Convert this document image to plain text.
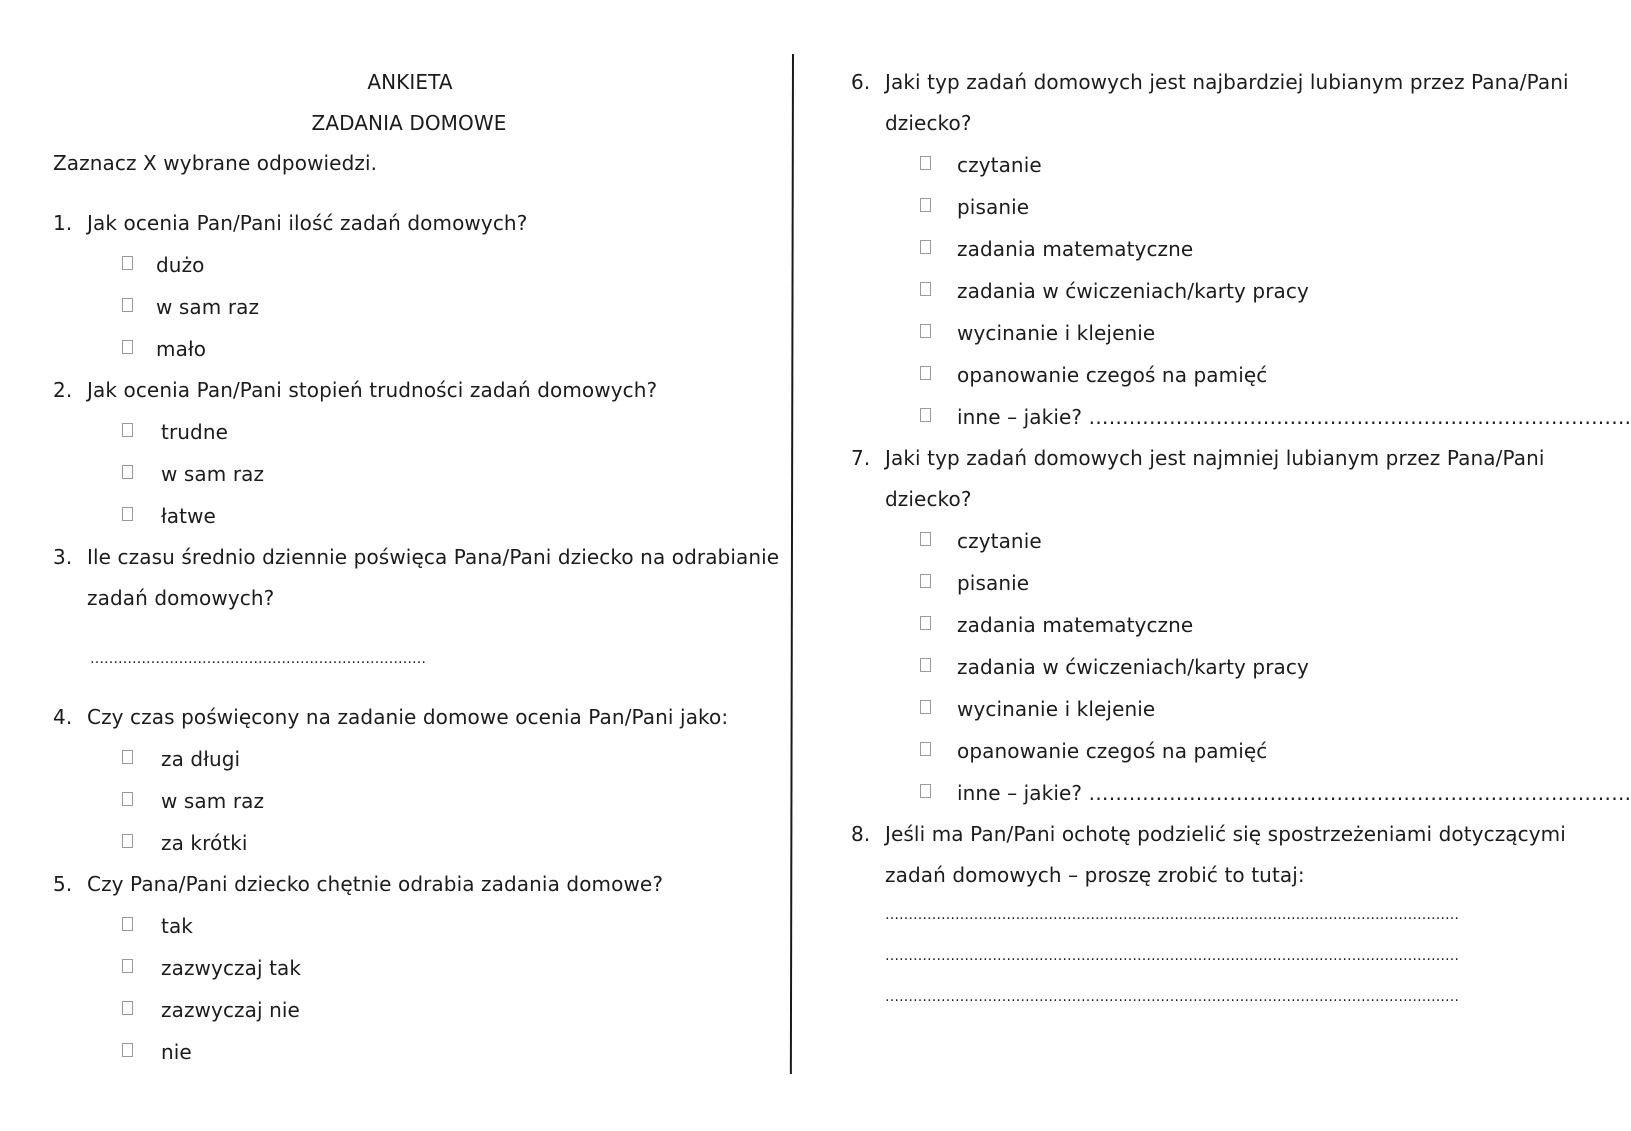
ANKIETA
ZADANIA DOMOWE
Zaznacz X wybrane odpowiedzi.
1. Jak ocenia Pan/Pani ilość zadań domowych?
dużo
w sam raz
mało
2. Jak ocenia Pan/Pani stopień trudności zadań domowych?
trudne
w sam raz
łatwe
3. Ile czasu średnio dziennie poświęca Pana/Pani dziecko na odrabianie
zadań domowych?
………………………………………………………………
4. Czy czas poświęcony na zadanie domowe ocenia Pan/Pani jako:
za długi
w sam raz
za krótki
5. Czy Pana/Pani dziecko chętnie odrabia zadania domowe?
tak
zazwyczaj tak
zazwyczaj nie
nie
6. Jaki typ zadań domowych jest najbardziej lubianym przez Pana/Pani
dziecko?
czytanie
pisanie
zadania matematyczne
zadania w ćwiczeniach/karty pracy
wycinanie i klejenie
opanowanie czegoś na pamięć
inne – jakie? ………………………………………………………………………
7. Jaki typ zadań domowych jest najmniej lubianym przez Pana/Pani
dziecko?
czytanie
pisanie
zadania matematyczne
zadania w ćwiczeniach/karty pracy
wycinanie i klejenie
opanowanie czegoś na pamięć
inne – jakie? ………………………………………………………………………
8. Jeśli ma Pan/Pani ochotę podzielić się spostrzeżeniami dotyczącymi
zadań domowych – proszę zrobić to tutaj:
……………………………………………………………………………………………………………
……………………………………………………………………………………………………………
……………………………………………………………………………………………………………
